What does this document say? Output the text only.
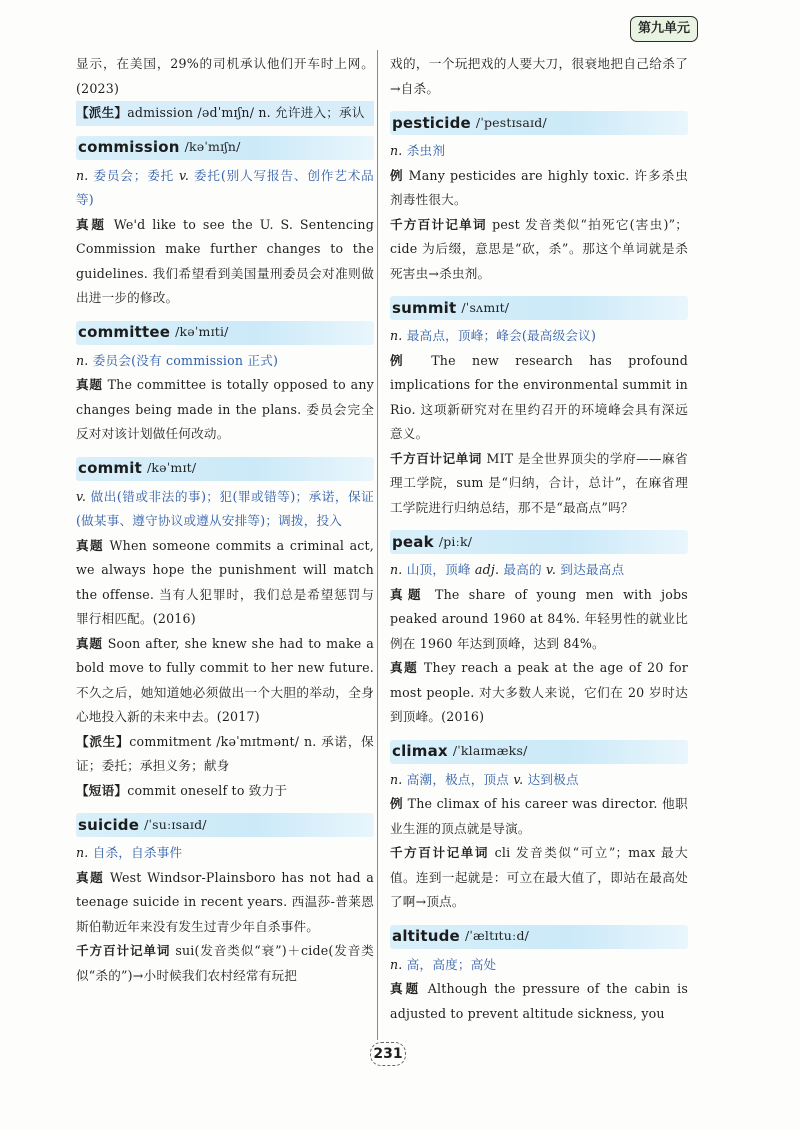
第九单元

显示，在美国，29%的司机承认他们开车时上网。(2023)

【派生】admission /ədˈmɪʃn/ n. 允许进入；承认

commission /kəˈmɪʃn/

n. 委员会；委托 v. 委托(别人写报告、创作艺术品等)

真题 We'd like to see the U. S. Sentencing Commission make further changes to the guidelines. 我们希望看到美国量刑委员会对准则做出进一步的修改。

committee /kəˈmɪti/

n. 委员会(没有 commission 正式)

真题 The committee is totally opposed to any changes being made in the plans. 委员会完全反对对该计划做任何改动。

commit /kəˈmɪt/

v. 做出(错或非法的事)；犯(罪或错等)；承诺，保证(做某事、遵守协议或遵从安排等)；调拨，投入

真题 When someone commits a criminal act, we always hope the punishment will match the offense. 当有人犯罪时，我们总是希望惩罚与罪行相匹配。(2016)

真题 Soon after, she knew she had to make a bold move to fully commit to her new future. 不久之后，她知道她必须做出一个大胆的举动，全身心地投入新的未来中去。(2017)

【派生】commitment /kəˈmɪtmənt/ n. 承诺，保证；委托；承担义务；献身

【短语】commit oneself to 致力于

suicide /ˈsuːɪsaɪd/

n. 自杀，自杀事件

真题 West Windsor-Plainsboro has not had a teenage suicide in recent years. 西温莎-普莱恩斯伯勒近年来没有发生过青少年自杀事件。

千方百计记单词 sui(发音类似“衰”)＋cide(发音类似“杀的”)→小时候我们农村经常有玩把

戏的，一个玩把戏的人要大刀，很衰地把自己给杀了→自杀。

pesticide /ˈpestɪsaɪd/

n. 杀虫剂

例 Many pesticides are highly toxic. 许多杀虫剂毒性很大。

千方百计记单词 pest 发音类似“拍死它(害虫)”；cide 为后缀，意思是“砍，杀”。那这个单词就是杀死害虫→杀虫剂。

summit /ˈsʌmɪt/

n. 最高点，顶峰；峰会(最高级会议)

例 The new research has profound implications for the environmental summit in Rio. 这项新研究对在里约召开的环境峰会具有深远意义。

千方百计记单词 MIT 是全世界顶尖的学府——麻省理工学院，sum 是“归纳，合计，总计”，在麻省理工学院进行归纳总结，那不是“最高点”吗？

peak /piːk/

n. 山顶，顶峰 adj. 最高的 v. 到达最高点

真题 The share of young men with jobs peaked around 1960 at 84%. 年轻男性的就业比例在 1960 年达到顶峰，达到 84%。

真题 They reach a peak at the age of 20 for most people. 对大多数人来说，它们在 20 岁时达到顶峰。(2016)

climax /ˈklaɪmæks/

n. 高潮，极点，顶点 v. 达到极点

例 The climax of his career was director. 他职业生涯的顶点就是导演。

千方百计记单词 cli 发音类似“可立”；max 最大值。连到一起就是：可立在最大值了，即站在最高处了啊→顶点。

altitude /ˈæltɪtuːd/

n. 高，高度；高处

真题 Although the pressure of the cabin is adjusted to prevent altitude sickness, you

231
